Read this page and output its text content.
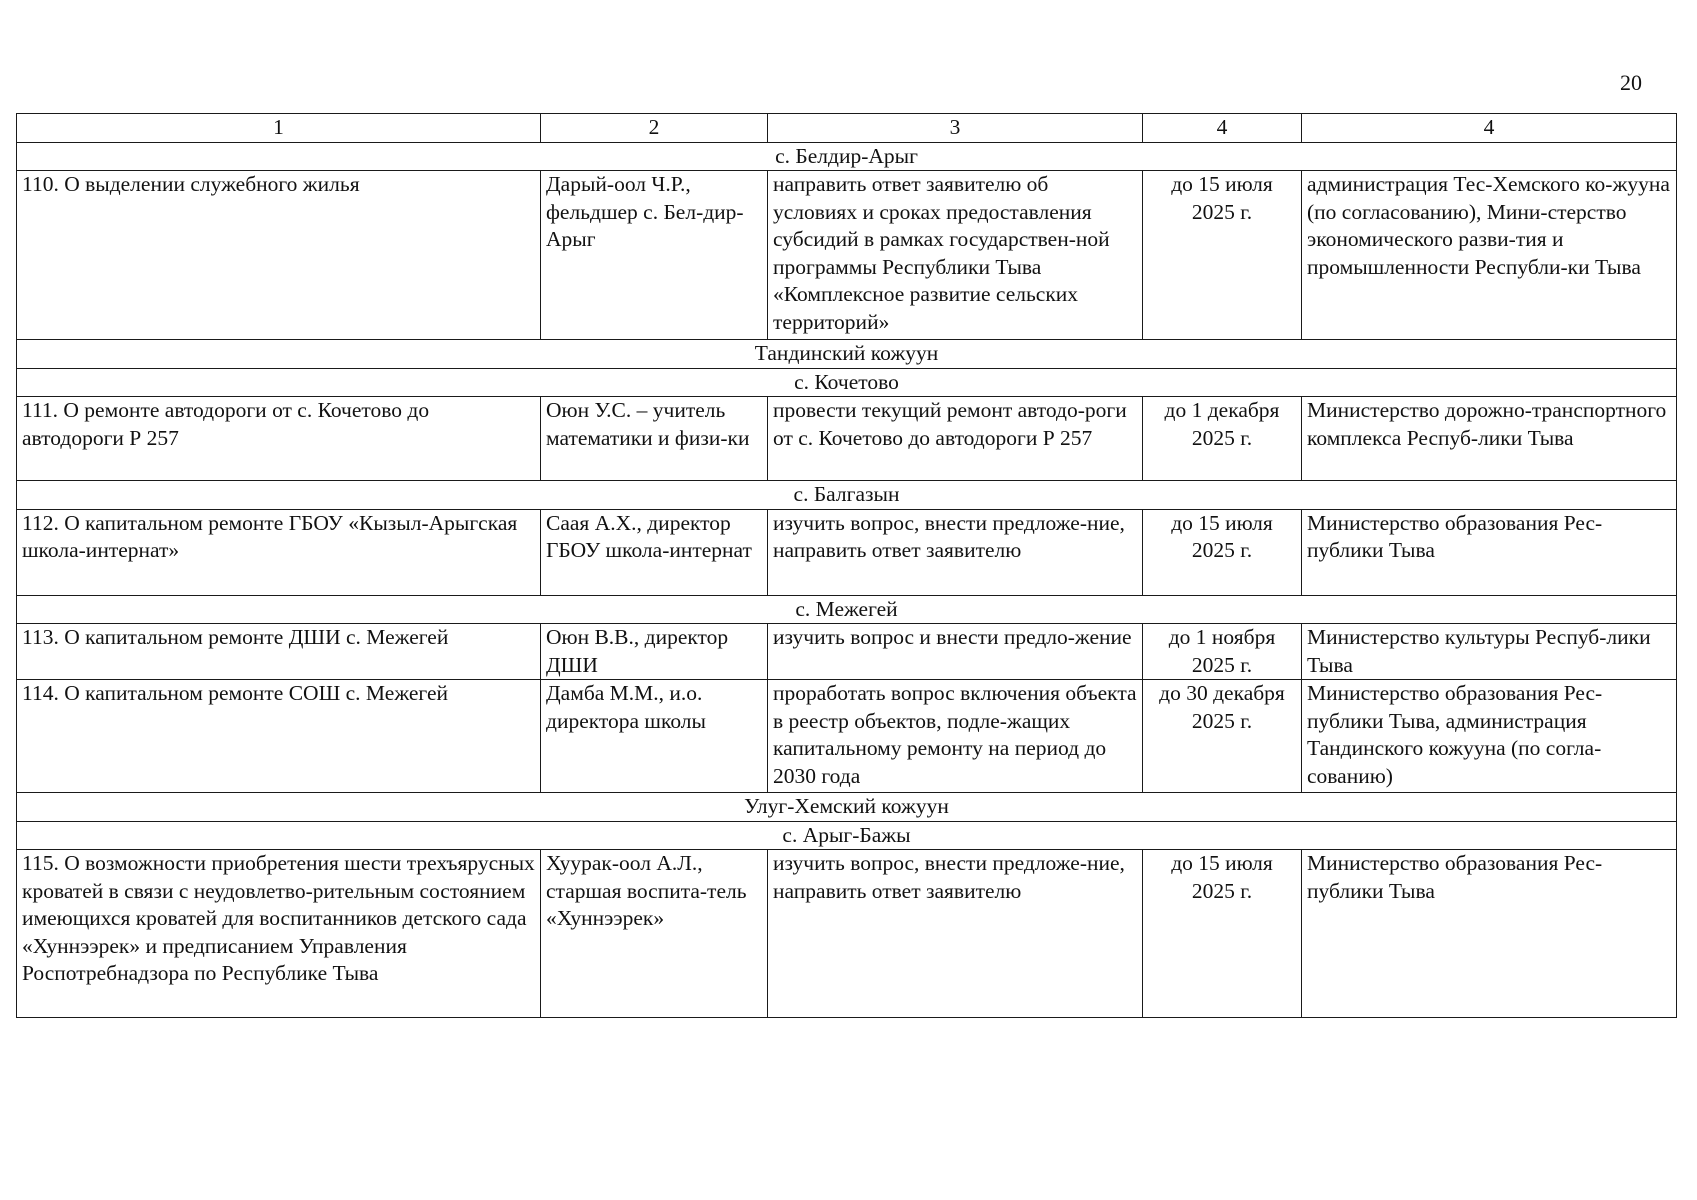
20
1	2	3	4	4
с. Белдир-Арыг				
110. О выделении служебного жилья	Дарый-оол Ч.Р., фельдшер с. Бел-дир-Арыг	направить ответ заявителю об условиях и сроках предоставления субсидий в рамках государствен-ной программы Республики Тыва «Комплексное развитие сельских территорий»	до 15 июля 2025 г.	администрация Тес-Хемского ко-жууна (по согласованию), Мини-стерство экономического разви-тия и промышленности Республи-ки Тыва
Тандинский кожуун				
с. Кочетово				
111. О ремонте автодороги от с. Кочетово до автодороги Р 257	Оюн У.С. – учитель математики и физи-ки	провести текущий ремонт автодо-роги от с. Кочетово до автодороги Р 257	до 1 декабря 2025 г.	Министерство дорожно-транспортного комплекса Респуб-лики Тыва
с. Балгазын				
112. О капитальном ремонте ГБОУ «Кызыл-Арыгская школа-интернат»	Саая А.Х., директор ГБОУ школа-интернат	изучить вопрос, внести предложе-ние, направить ответ заявителю	до 15 июля 2025 г.	Министерство образования Рес-публики Тыва
с. Межегей				
113. О капитальном ремонте ДШИ с. Межегей	Оюн В.В., директор ДШИ	изучить вопрос и внести предло-жение	до 1 ноября 2025 г.	Министерство культуры Респуб-лики Тыва
114. О капитальном ремонте СОШ с. Межегей	Дамба М.М., и.о. директора школы	проработать вопрос включения объекта в реестр объектов, подле-жащих капитальному ремонту на период до 2030 года	до 30 декабря 2025 г.	Министерство образования Рес-публики Тыва, администрация Тандинского кожууна (по согла-сованию)
Улуг-Хемский кожуун				
с. Арыг-Бажы				
115. О возможности приобретения шести трехъярусных кроватей в связи с неудовлетво-рительным состоянием имеющихся кроватей для воспитанников детского сада «Хуннээрек» и предписанием Управления Роспотребнадзора по Республике Тыва	Хуурак-оол А.Л., старшая воспита-тель «Хуннээрек»	изучить вопрос, внести предложе-ние, направить ответ заявителю	до 15 июля 2025 г.	Министерство образования Рес-публики Тыва
